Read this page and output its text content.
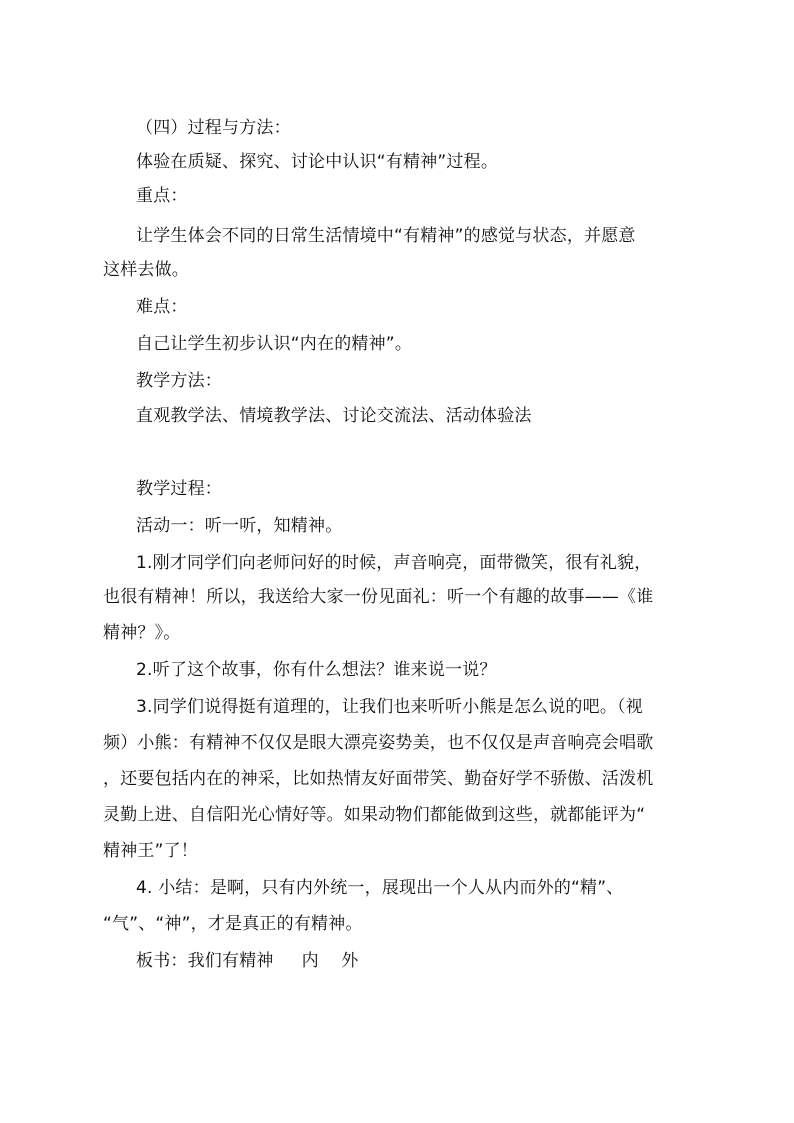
（四）过程与方法：
体验在质疑、探究、讨论中认识“有精神”过程。
重点：
让学生体会不同的日常生活情境中“有精神”的感觉与状态，并愿意
这样去做。
难点：
自己让学生初步认识“内在的精神”。
教学方法：
直观教学法、情境教学法、讨论交流法、活动体验法
教学过程：
活动一：听一听，知精神。
1.刚才同学们向老师问好的时候，声音响亮，面带微笑，很有礼貌，
也很有精神！所以，我送给大家一份见面礼：听一个有趣的故事——《谁
精神？》。
2.听了这个故事，你有什么想法？谁来说一说？
3.同学们说得挺有道理的，让我们也来听听小熊是怎么说的吧。（视
频）小熊：有精神不仅仅是眼大漂亮姿势美，也不仅仅是声音响亮会唱歌
，还要包括内在的神采，比如热情友好面带笑、勤奋好学不骄傲、活泼机
灵勤上进、自信阳光心情好等。如果动物们都能做到这些，就都能评为“
精神王”了！
4. 小结：是啊，只有内外统一，展现出一个人从内而外的“精”、
“气”、“神”，才是真正的有精神。
板书：我们有精神     内    外
